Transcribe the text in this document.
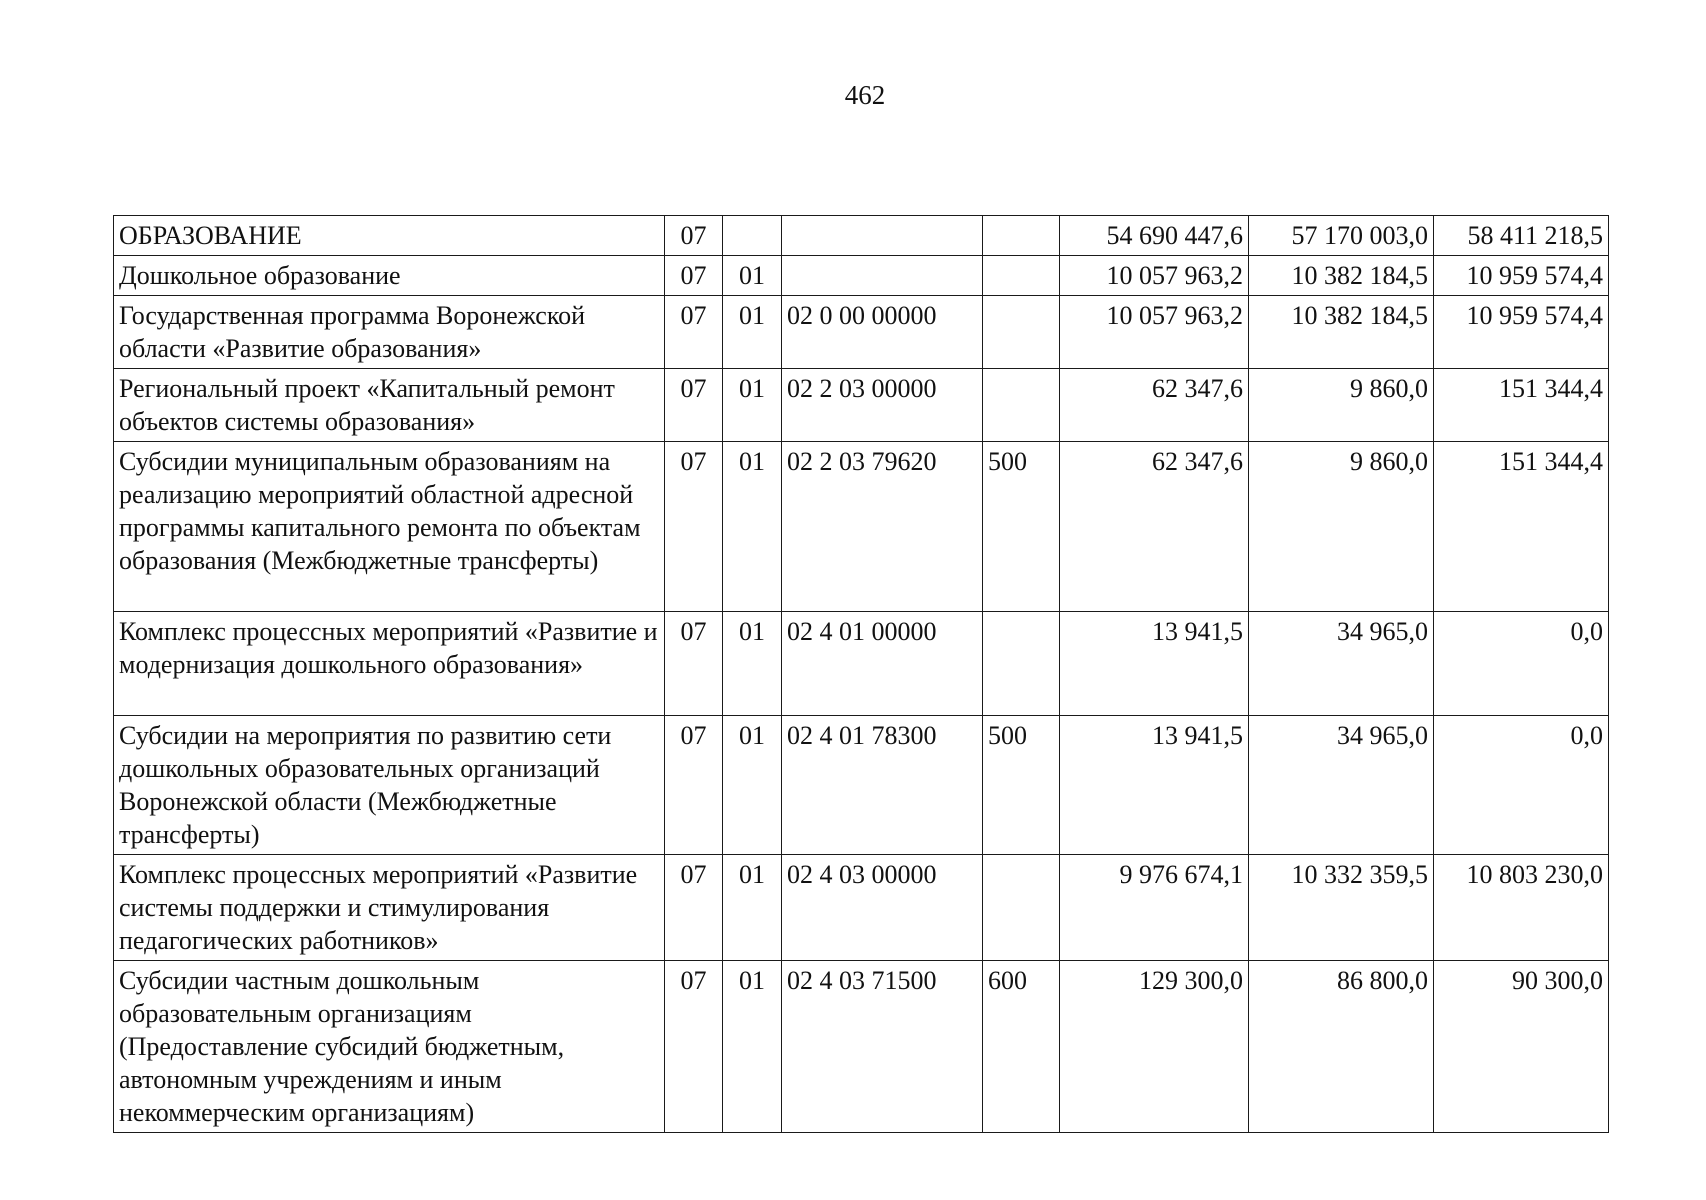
462
ОБРАЗОВАНИЕ	07				54 690 447,6	57 170 003,0	58 411 218,5
Дошкольное образование	07	01			10 057 963,2	10 382 184,5	10 959 574,4
Государственная программа Воронежской области «Развитие образования»	07	01	02 0 00 00000		10 057 963,2	10 382 184,5	10 959 574,4
Региональный проект «Капитальный ремонт объектов системы образования»	07	01	02 2 03 00000		62 347,6	9 860,0	151 344,4
Субсидии муниципальным образованиям на реализацию мероприятий областной адресной программы капитального ремонта по объектам образования (Межбюджетные трансферты)	07	01	02 2 03 79620	500	62 347,6	9 860,0	151 344,4
Комплекс процессных мероприятий «Развитие и модернизация дошкольного образования»	07	01	02 4 01 00000		13 941,5	34 965,0	0,0
Субсидии на мероприятия по развитию сети дошкольных образовательных организаций Воронежской области (Межбюджетные трансферты)	07	01	02 4 01 78300	500	13 941,5	34 965,0	0,0
Комплекс процессных мероприятий «Развитие системы поддержки и стимулирования педагогических работников»	07	01	02 4 03 00000		9 976 674,1	10 332 359,5	10 803 230,0
Субсидии частным дошкольным образовательным организациям (Предоставление субсидий бюджетным, автономным учреждениям и иным некоммерческим организациям)	07	01	02 4 03 71500	600	129 300,0	86 800,0	90 300,0
